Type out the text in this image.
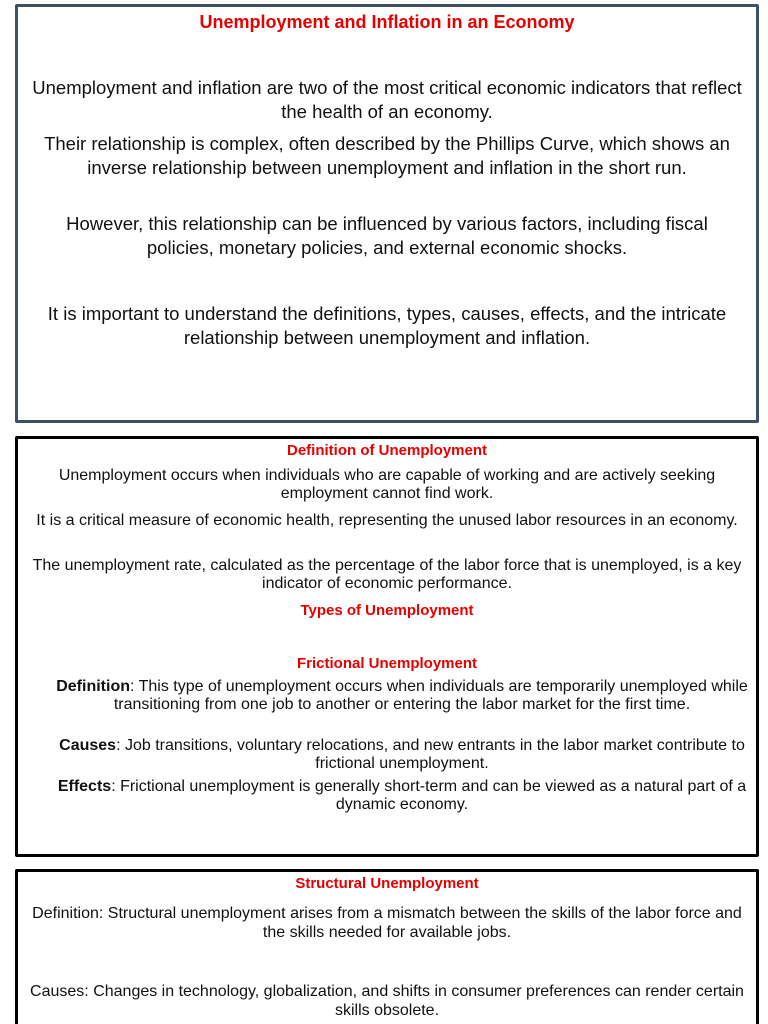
Unemployment and Inflation in an Economy
Unemployment and inflation are two of the most critical economic indicators that reflect the health of an economy.
Their relationship is complex, often described by the Phillips Curve, which shows an inverse relationship between unemployment and inflation in the short run.
However, this relationship can be influenced by various factors, including fiscal policies, monetary policies, and external economic shocks.
It is important to understand the definitions, types, causes, effects, and the intricate relationship between unemployment and inflation.
Definition of Unemployment
Unemployment occurs when individuals who are capable of working and are actively seeking employment cannot find work.
It is a critical measure of economic health, representing the unused labor resources in an economy.
The unemployment rate, calculated as the percentage of the labor force that is unemployed, is a key indicator of economic performance.
Types of Unemployment
Frictional Unemployment
Definition: This type of unemployment occurs when individuals are temporarily unemployed while transitioning from one job to another or entering the labor market for the first time.
Causes: Job transitions, voluntary relocations, and new entrants in the labor market contribute to frictional unemployment.
Effects: Frictional unemployment is generally short-term and can be viewed as a natural part of a dynamic economy.
Structural Unemployment
Definition: Structural unemployment arises from a mismatch between the skills of the labor force and the skills needed for available jobs.
Causes: Changes in technology, globalization, and shifts in consumer preferences can render certain skills obsolete.
